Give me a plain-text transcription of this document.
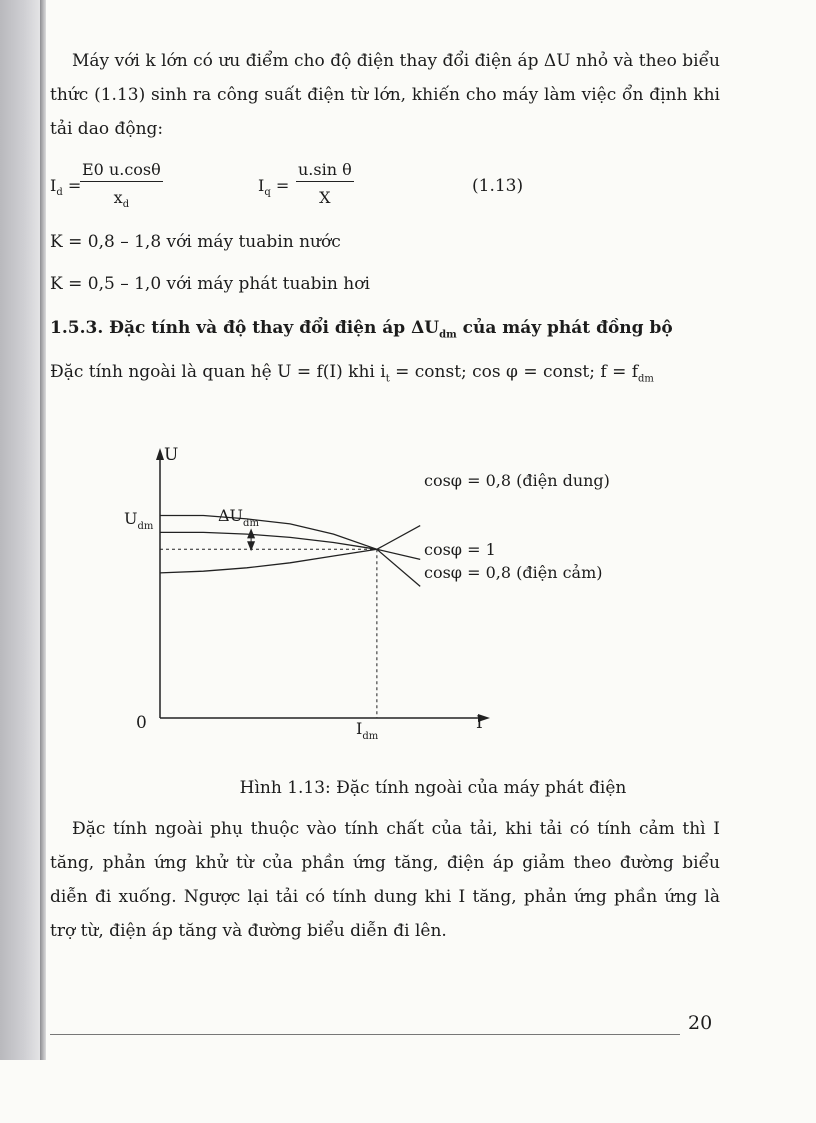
Máy với k lớn có ưu điểm cho độ điện thay đổi điện áp ΔU nhỏ và theo biểu thức (1.13) sinh ra công suất điện từ lớn, khiến cho máy làm việc ổn định khi tải dao động:

$I_d$ =
$\frac{E0 u.\cos\theta}{x_d}$	$I_q = \frac{\text{u.sin θ}}{X}$	(1.13)
K = 0,8 – 1,8 với máy tuabin nước
K = 0,5 – 1,0 với máy phát tuabin hơi
1.5.3. Đặc tính và độ thay đổi điện áp $\Delta U_{dm}$ của máy phát đồng bộ
Đặc tính ngoài là quan hệ U = f(I) khi $i_t$ = const; cos φ = const; $f = f_{dm}$
U
I
0	$I_{dm}$
$U_{dm}$
$\Delta U_{dm}$
cosφ = 0,8 (điện dung)
cosφ = 1
cosφ = 0,8 (điện cảm)
Hình 1.13: Đặc tính ngoài của máy phát điện

Đặc tính ngoài phụ thuộc vào tính chất của tải, khi tải có tính cảm thì I tăng, phản ứng khử từ của phần ứng tăng, điện áp giảm theo đường biểu diễn đi xuống. Ngược lại tải có tính dung khi I tăng, phản ứng phần ứng là trợ từ, điện áp tăng và đường biểu diễn đi lên.

20
